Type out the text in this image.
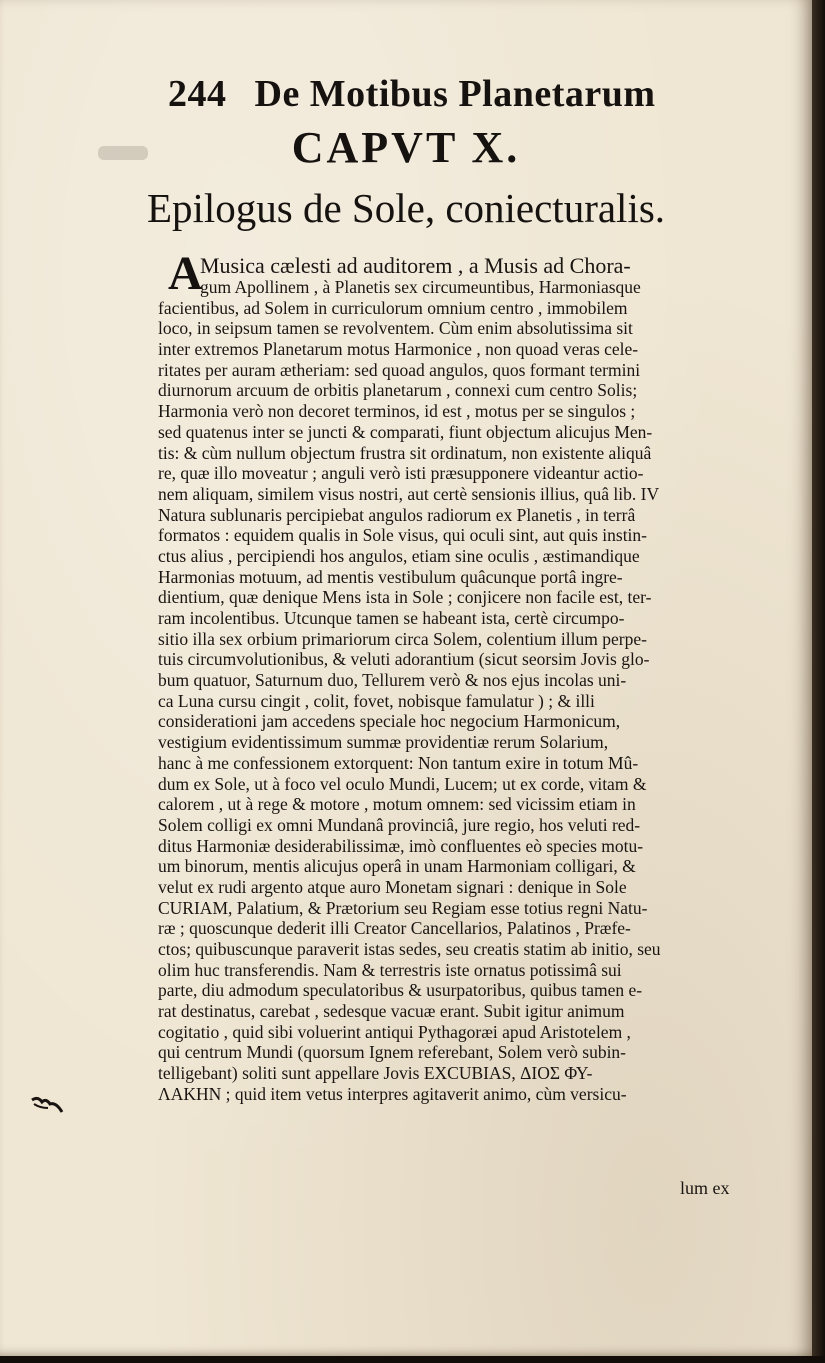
244 De Motibus Planetarum
CAPVT X.
Epilogus de Sole, coniecturalis.
A
Musica cælesti ad auditorem , a Musis ad Chora-
gum Apollinem , à Planetis sex circumeuntibus, Harmoniasque
facientibus, ad Solem in curriculorum omnium centro , immobilem
loco, in seipsum tamen se revolventem. Cùm enim absolutissima sit
inter extremos Planetarum motus Harmonice , non quoad veras cele-
ritates per auram ætheriam: sed quoad angulos, quos formant termini
diurnorum arcuum de orbitis planetarum , connexi cum centro Solis;
Harmonia verò non decoret terminos, id est , motus per se singulos ;
sed quatenus inter se juncti & comparati, fiunt objectum alicujus Men-
tis: & cùm nullum objectum frustra sit ordinatum, non existente aliquâ
re, quæ illo moveatur ; anguli verò isti præsupponere videantur actio-
nem aliquam, similem visus nostri, aut certè sensionis illius, quâ lib. IV
Natura sublunaris percipiebat angulos radiorum ex Planetis , in terrâ
formatos : equidem qualis in Sole visus, qui oculi sint, aut quis instin-
ctus alius , percipiendi hos angulos, etiam sine oculis , æstimandique
Harmonias motuum, ad mentis vestibulum quâcunque portâ ingre-
dientium, quæ denique Mens ista in Sole ; conjicere non facile est, ter-
ram incolentibus. Utcunque tamen se habeant ista, certè circumpo-
sitio illa sex orbium primariorum circa Solem, colentium illum perpe-
tuis circumvolutionibus, & veluti adorantium (sicut seorsim Jovis glo-
bum quatuor, Saturnum duo, Tellurem verò & nos ejus incolas uni-
ca Luna cursu cingit , colit, fovet, nobisque famulatur ) ; & illi
considerationi jam accedens speciale hoc negocium Harmonicum,
vestigium evidentissimum summæ providentiæ rerum Solarium,
hanc à me confessionem extorquent: Non tantum exire in totum Mû-
dum ex Sole, ut à foco vel oculo Mundi, Lucem; ut ex corde, vitam &
calorem , ut à rege & motore , motum omnem: sed vicissim etiam in
Solem colligi ex omni Mundanâ provinciâ, jure regio, hos veluti red-
ditus Harmoniæ desiderabilissimæ, imò confluentes eò species motu-
um binorum, mentis alicujus operâ in unam Harmoniam colligari, &
velut ex rudi argento atque auro Monetam signari : denique in Sole
CURIAM, Palatium, & Prætorium seu Regiam esse totius regni Natu-
ræ ; quoscunque dederit illi Creator Cancellarios, Palatinos , Præfe-
ctos; quibuscunque paraverit istas sedes, seu creatis statim ab initio, seu
olim huc transferendis. Nam & terrestris iste ornatus potissimâ sui
parte, diu admodum speculatoribus & usurpatoribus, quibus tamen e-
rat destinatus, carebat , sedesque vacuæ erant. Subit igitur animum
cogitatio , quid sibi voluerint antiqui Pythagoræi apud Aristotelem ,
qui centrum Mundi (quorsum Ignem referebant, Solem verò subin-
telligebant) soliti sunt appellare Jovis EXCUBIAS, ΔΙΟΣ ΦΥ-
ΛΑΚΗΝ ; quid item vetus interpres agitaverit animo, cùm versicu-
lum ex
